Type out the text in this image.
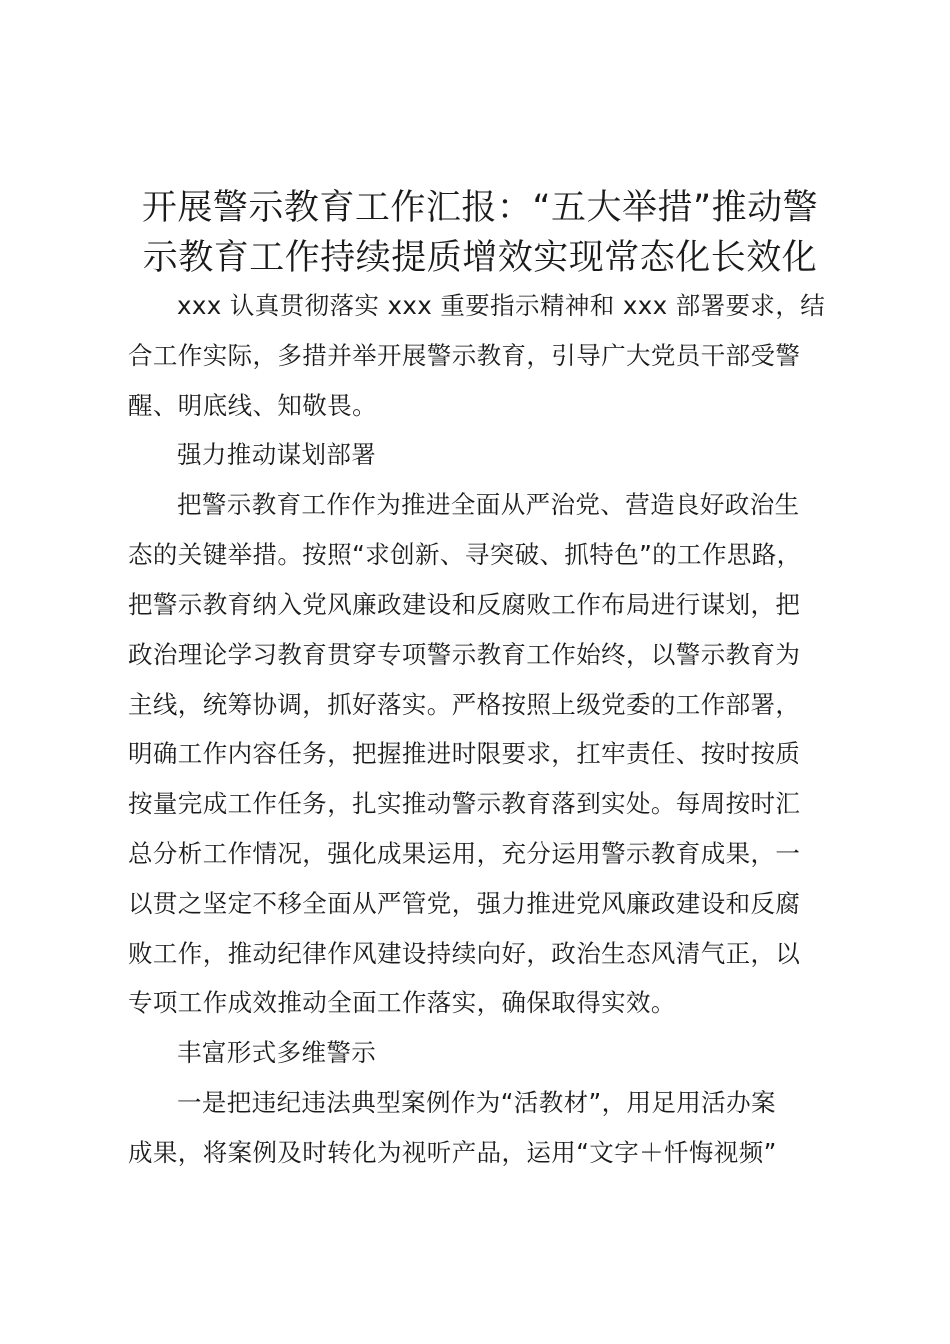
开展警示教育工作汇报：“五大举措”推动警
示教育工作持续提质增效实现常态化长效化

xxx 认真贯彻落实 xxx 重要指示精神和 xxx 部署要求，结

合工作实际，多措并举开展警示教育，引导广大党员干部受警

醒、明底线、知敬畏。

强力推动谋划部署

把警示教育工作作为推进全面从严治党、营造良好政治生

态的关键举措。按照“求创新、寻突破、抓特色”的工作思路，

把警示教育纳入党风廉政建设和反腐败工作布局进行谋划，把

政治理论学习教育贯穿专项警示教育工作始终，以警示教育为

主线，统筹协调，抓好落实。严格按照上级党委的工作部署，

明确工作内容任务，把握推进时限要求，扛牢责任、按时按质

按量完成工作任务，扎实推动警示教育落到实处。每周按时汇

总分析工作情况，强化成果运用，充分运用警示教育成果，一

以贯之坚定不移全面从严管党，强力推进党风廉政建设和反腐

败工作，推动纪律作风建设持续向好，政治生态风清气正，以

专项工作成效推动全面工作落实，确保取得实效。

丰富形式多维警示

一是把违纪违法典型案例作为“活教材”，用足用活办案

成果，将案例及时转化为视听产品，运用“文字＋忏悔视频”
